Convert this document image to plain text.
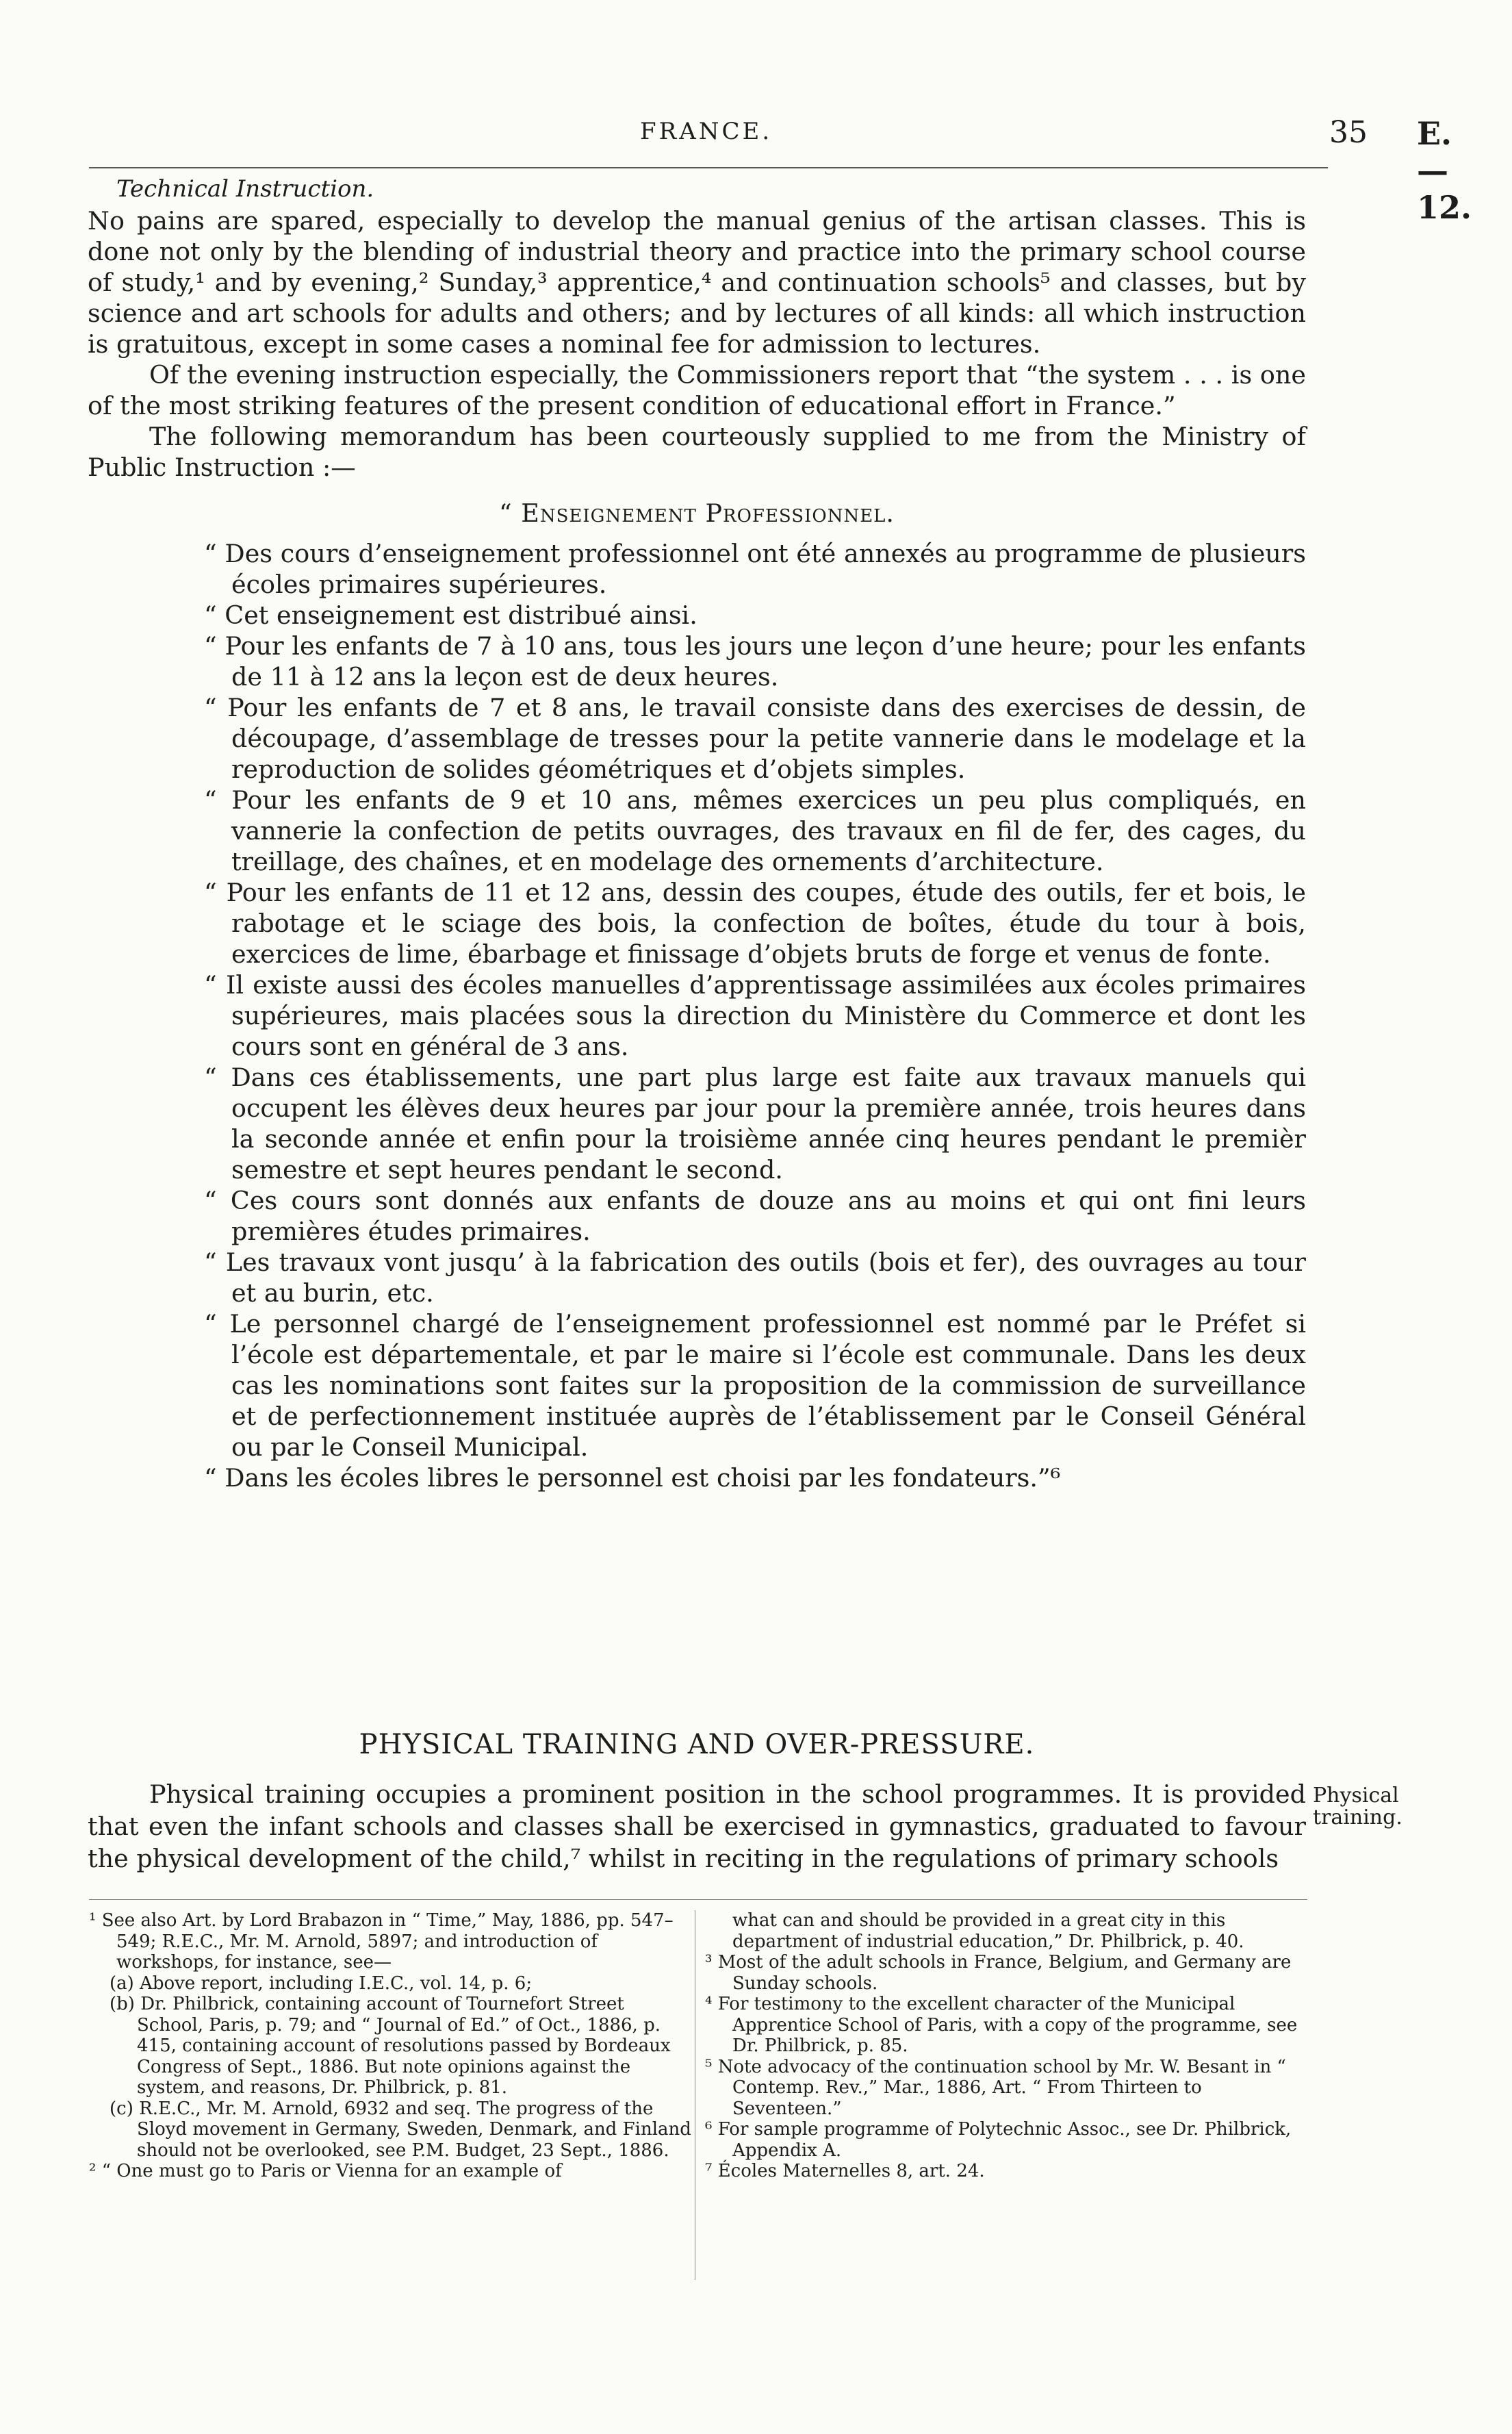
FRANCE.	35 E.—12.
Technical Instruction.

No pains are spared, especially to develop the manual genius of the artisan classes. This is done not only by the blending of industrial theory and practice into the primary school course of study,¹ and by evening,² Sunday,³ apprentice,⁴ and continuation schools⁵ and classes, but by science and art schools for adults and others; and by lectures of all kinds: all which instruction is gratuitous, except in some cases a nominal fee for admission to lectures.

Of the evening instruction especially, the Commissioners report that “the system . . . is one of the most striking features of the present condition of educational effort in France.”

The following memorandum has been courteously supplied to me from the Ministry of Public Instruction :—

“ Enseignement Professionnel.

“ Des cours d’enseignement professionnel ont été annexés au programme de plusieurs écoles primaires supérieures.

“ Cet enseignement est distribué ainsi.

“ Pour les enfants de 7 à 10 ans, tous les jours une leçon d’une heure; pour les enfants de 11 à 12 ans la leçon est de deux heures.

“ Pour les enfants de 7 et 8 ans, le travail consiste dans des exercises de dessin, de découpage, d’assemblage de tresses pour la petite vannerie dans le modelage et la reproduction de solides géométriques et d’objets simples.

“ Pour les enfants de 9 et 10 ans, mêmes exercices un peu plus compliqués, en vannerie la confection de petits ouvrages, des travaux en fil de fer, des cages, du treillage, des chaînes, et en modelage des ornements d’architecture.

“ Pour les enfants de 11 et 12 ans, dessin des coupes, étude des outils, fer et bois, le rabotage et le sciage des bois, la confection de boîtes, étude du tour à bois, exercices de lime, ébarbage et finissage d’objets bruts de forge et venus de fonte.

“ Il existe aussi des écoles manuelles d’apprentissage assimilées aux écoles primaires supérieures, mais placées sous la direction du Ministère du Commerce et dont les cours sont en général de 3 ans.

“ Dans ces établissements, une part plus large est faite aux travaux manuels qui occupent les élèves deux heures par jour pour la première année, trois heures dans la seconde année et enfin pour la troisième année cinq heures pendant le premièr semestre et sept heures pendant le second.

“ Ces cours sont donnés aux enfants de douze ans au moins et qui ont fini leurs premières études primaires.

“ Les travaux vont jusqu’ à la fabrication des outils (bois et fer), des ouvrages au tour et au burin, etc.

“ Le personnel chargé de l’enseignement professionnel est nommé par le Préfet si l’école est départementale, et par le maire si l’école est communale. Dans les deux cas les nominations sont faites sur la proposition de la commission de surveillance et de perfectionnement instituée auprès de l’établissement par le Conseil Général ou par le Conseil Municipal.

“ Dans les écoles libres le personnel est choisi par les fondateurs.”⁶

PHYSICAL TRAINING AND OVER-PRESSURE.
Physical training.

Physical training occupies a prominent position in the school programmes. It is provided that even the infant schools and classes shall be exercised in gymnastics, graduated to favour the physical development of the child,⁷ whilst in reciting in the regulations of primary schools

¹ See also Art. by Lord Brabazon in “ Time,” May, 1886, pp. 547–549; R.E.C., Mr. M. Arnold, 5897; and introduction of workshops, for instance, see—

(a) Above report, including I.E.C., vol. 14, p. 6;

(b) Dr. Philbrick, containing account of Tournefort Street School, Paris, p. 79; and “ Journal of Ed.” of Oct., 1886, p. 415, containing account of resolutions passed by Bordeaux Congress of Sept., 1886. But note opinions against the system, and reasons, Dr. Philbrick, p. 81.

(c) R.E.C., Mr. M. Arnold, 6932 and seq. The progress of the Sloyd movement in Germany, Sweden, Denmark, and Finland should not be overlooked, see P.M. Budget, 23 Sept., 1886.

² “ One must go to Paris or Vienna for an example of

what can and should be provided in a great city in this department of industrial education,” Dr. Philbrick, p. 40.

³ Most of the adult schools in France, Belgium, and Germany are Sunday schools.

⁴ For testimony to the excellent character of the Municipal Apprentice School of Paris, with a copy of the programme, see Dr. Philbrick, p. 85.

⁵ Note advocacy of the continuation school by Mr. W. Besant in “ Contemp. Rev.,” Mar., 1886, Art. “ From Thirteen to Seventeen.”

⁶ For sample programme of Polytechnic Assoc., see Dr. Philbrick, Appendix A.

⁷ Écoles Maternelles 8, art. 24.
